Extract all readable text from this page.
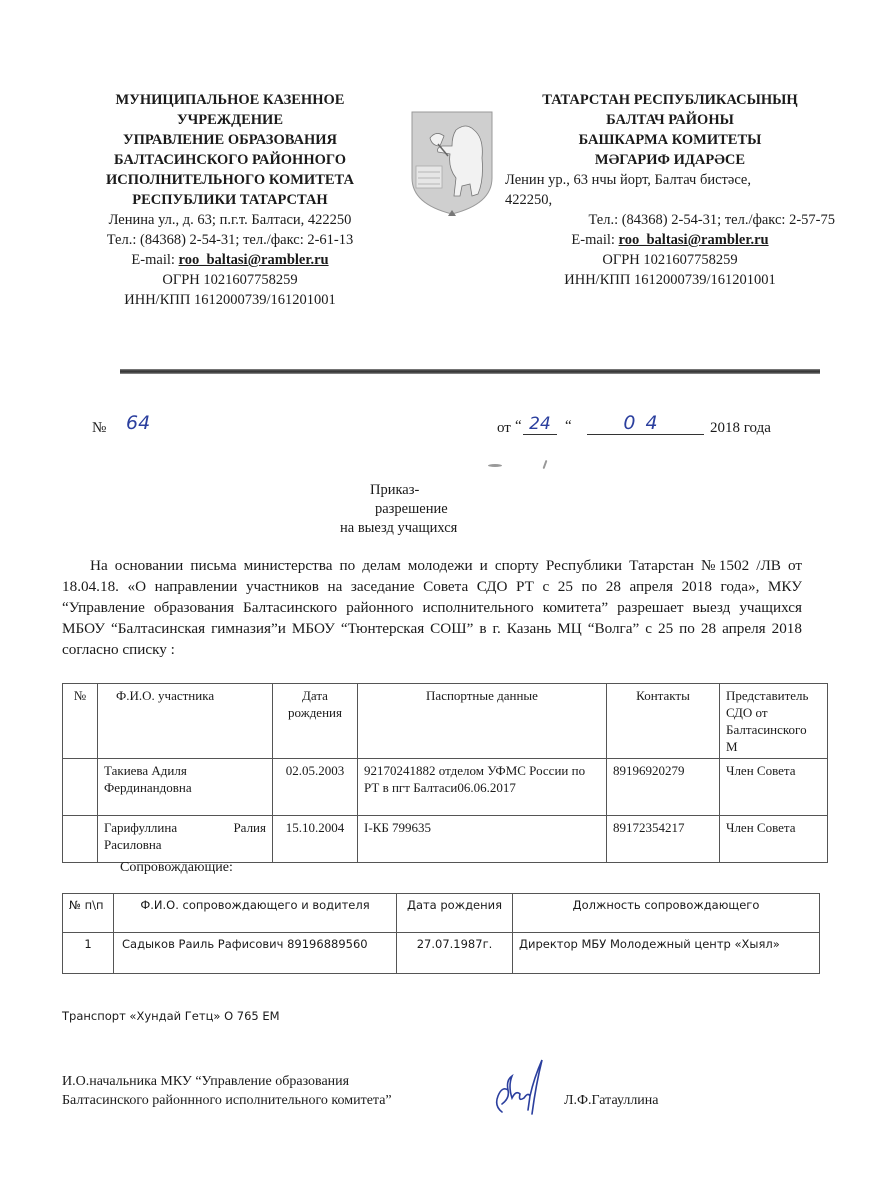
МУНИЦИПАЛЬНОЕ КАЗЕННОЕ
УЧРЕЖДЕНИЕ
УПРАВЛЕНИЕ ОБРАЗОВАНИЯ
БАЛТАСИНСКОГО РАЙОННОГО
ИСПОЛНИТЕЛЬНОГО КОМИТЕТА
РЕСПУБЛИКИ ТАТАРСТАН
Ленина ул., д. 63; п.г.т. Балтаси, 422250
Тел.: (84368) 2-54-31; тел./факс: 2-61-13
E-mail: roo_baltasi@rambler.ru
ОГРН 1021607758259
ИНН/КПП 1612000739/161201001
ТАТАРСТАН РЕСПУБЛИКАСЫНЫҢ
БАЛТАЧ РАЙОНЫ
БАШКАРМА КОМИТЕТЫ
МӘГАРИФ ИДАРӘСЕ
Ленин ур., 63 нчы йорт, Балтач бистәсе,
422250,
Тел.: (84368) 2-54-31; тел./факс: 2-57-75
E-mail: roo_baltasi@rambler.ru
ОГРН 1021607758259
ИНН/КПП 1612000739/161201001
№ 64	от “ 24 “	04	2018 года
Приказ-
разрешение
на выезд учащихся

На основании письма министерства по делам молодежи и спорту Республики Татарстан №1502 /ЛВ от 18.04.18. «О направлении участников на заседание Совета СДО РТ с 25 по 28 апреля 2018 года», МКУ “Управление образования Балтасинского районного исполнительного комитета” разрешает выезд учащихся МБОУ “Балтасинская гимназия”и МБОУ “Тюнтерская СОШ” в г. Казань МЦ “Волга” с 25 по 28 апреля 2018 согласно списку :

№	Ф.И.О. участника	Дата рождения	Паспортные данные	Контакты	Представитель СДО от Балтасинского М
	Такиева Адиля Фердинандовна	02.05.2003	92170241882 отделом УФМС России по РТ в пгт Балтаси06.06.2017	89196920279	Член Совета
	Гарифуллина Ралия Расиловна	15.10.2004	I-КБ 799635	89172354217	Член Совета
Сопровождающие:
№ п\п	Ф.И.О. сопровождающего и водителя	Дата рождения	Должность сопровождающего
1	Садыков Раиль Рафисович 89196889560	27.07.1987г.	Директор МБУ Молодежный центр «Хыял»
Транспорт «Хундай Гетц» О 765 ЕМ
И.О.начальника МКУ “Управление образования
Балтасинского районнного исполнительного комитета”	Л.Ф.Гатауллина
